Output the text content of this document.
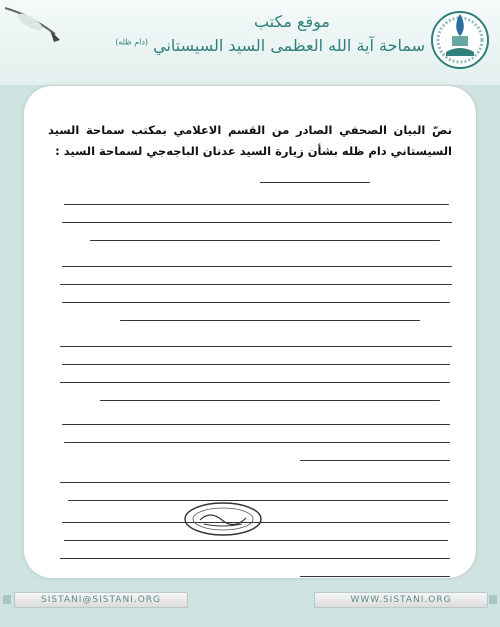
موقع مكتب
سماحة آية الله العظمى السيد السيستاني $^{(دام ظله)}$
نصّ البيان الصحفي الصادر من القسم الاعلامي بمكتب سماحة السيد السيستاني دام ظله بشأن زيارة السيد عدنان الباجه‌جي لسماحة السيد :
SISTANI@SISTANI.ORG	WWW.SISTANI.ORG
